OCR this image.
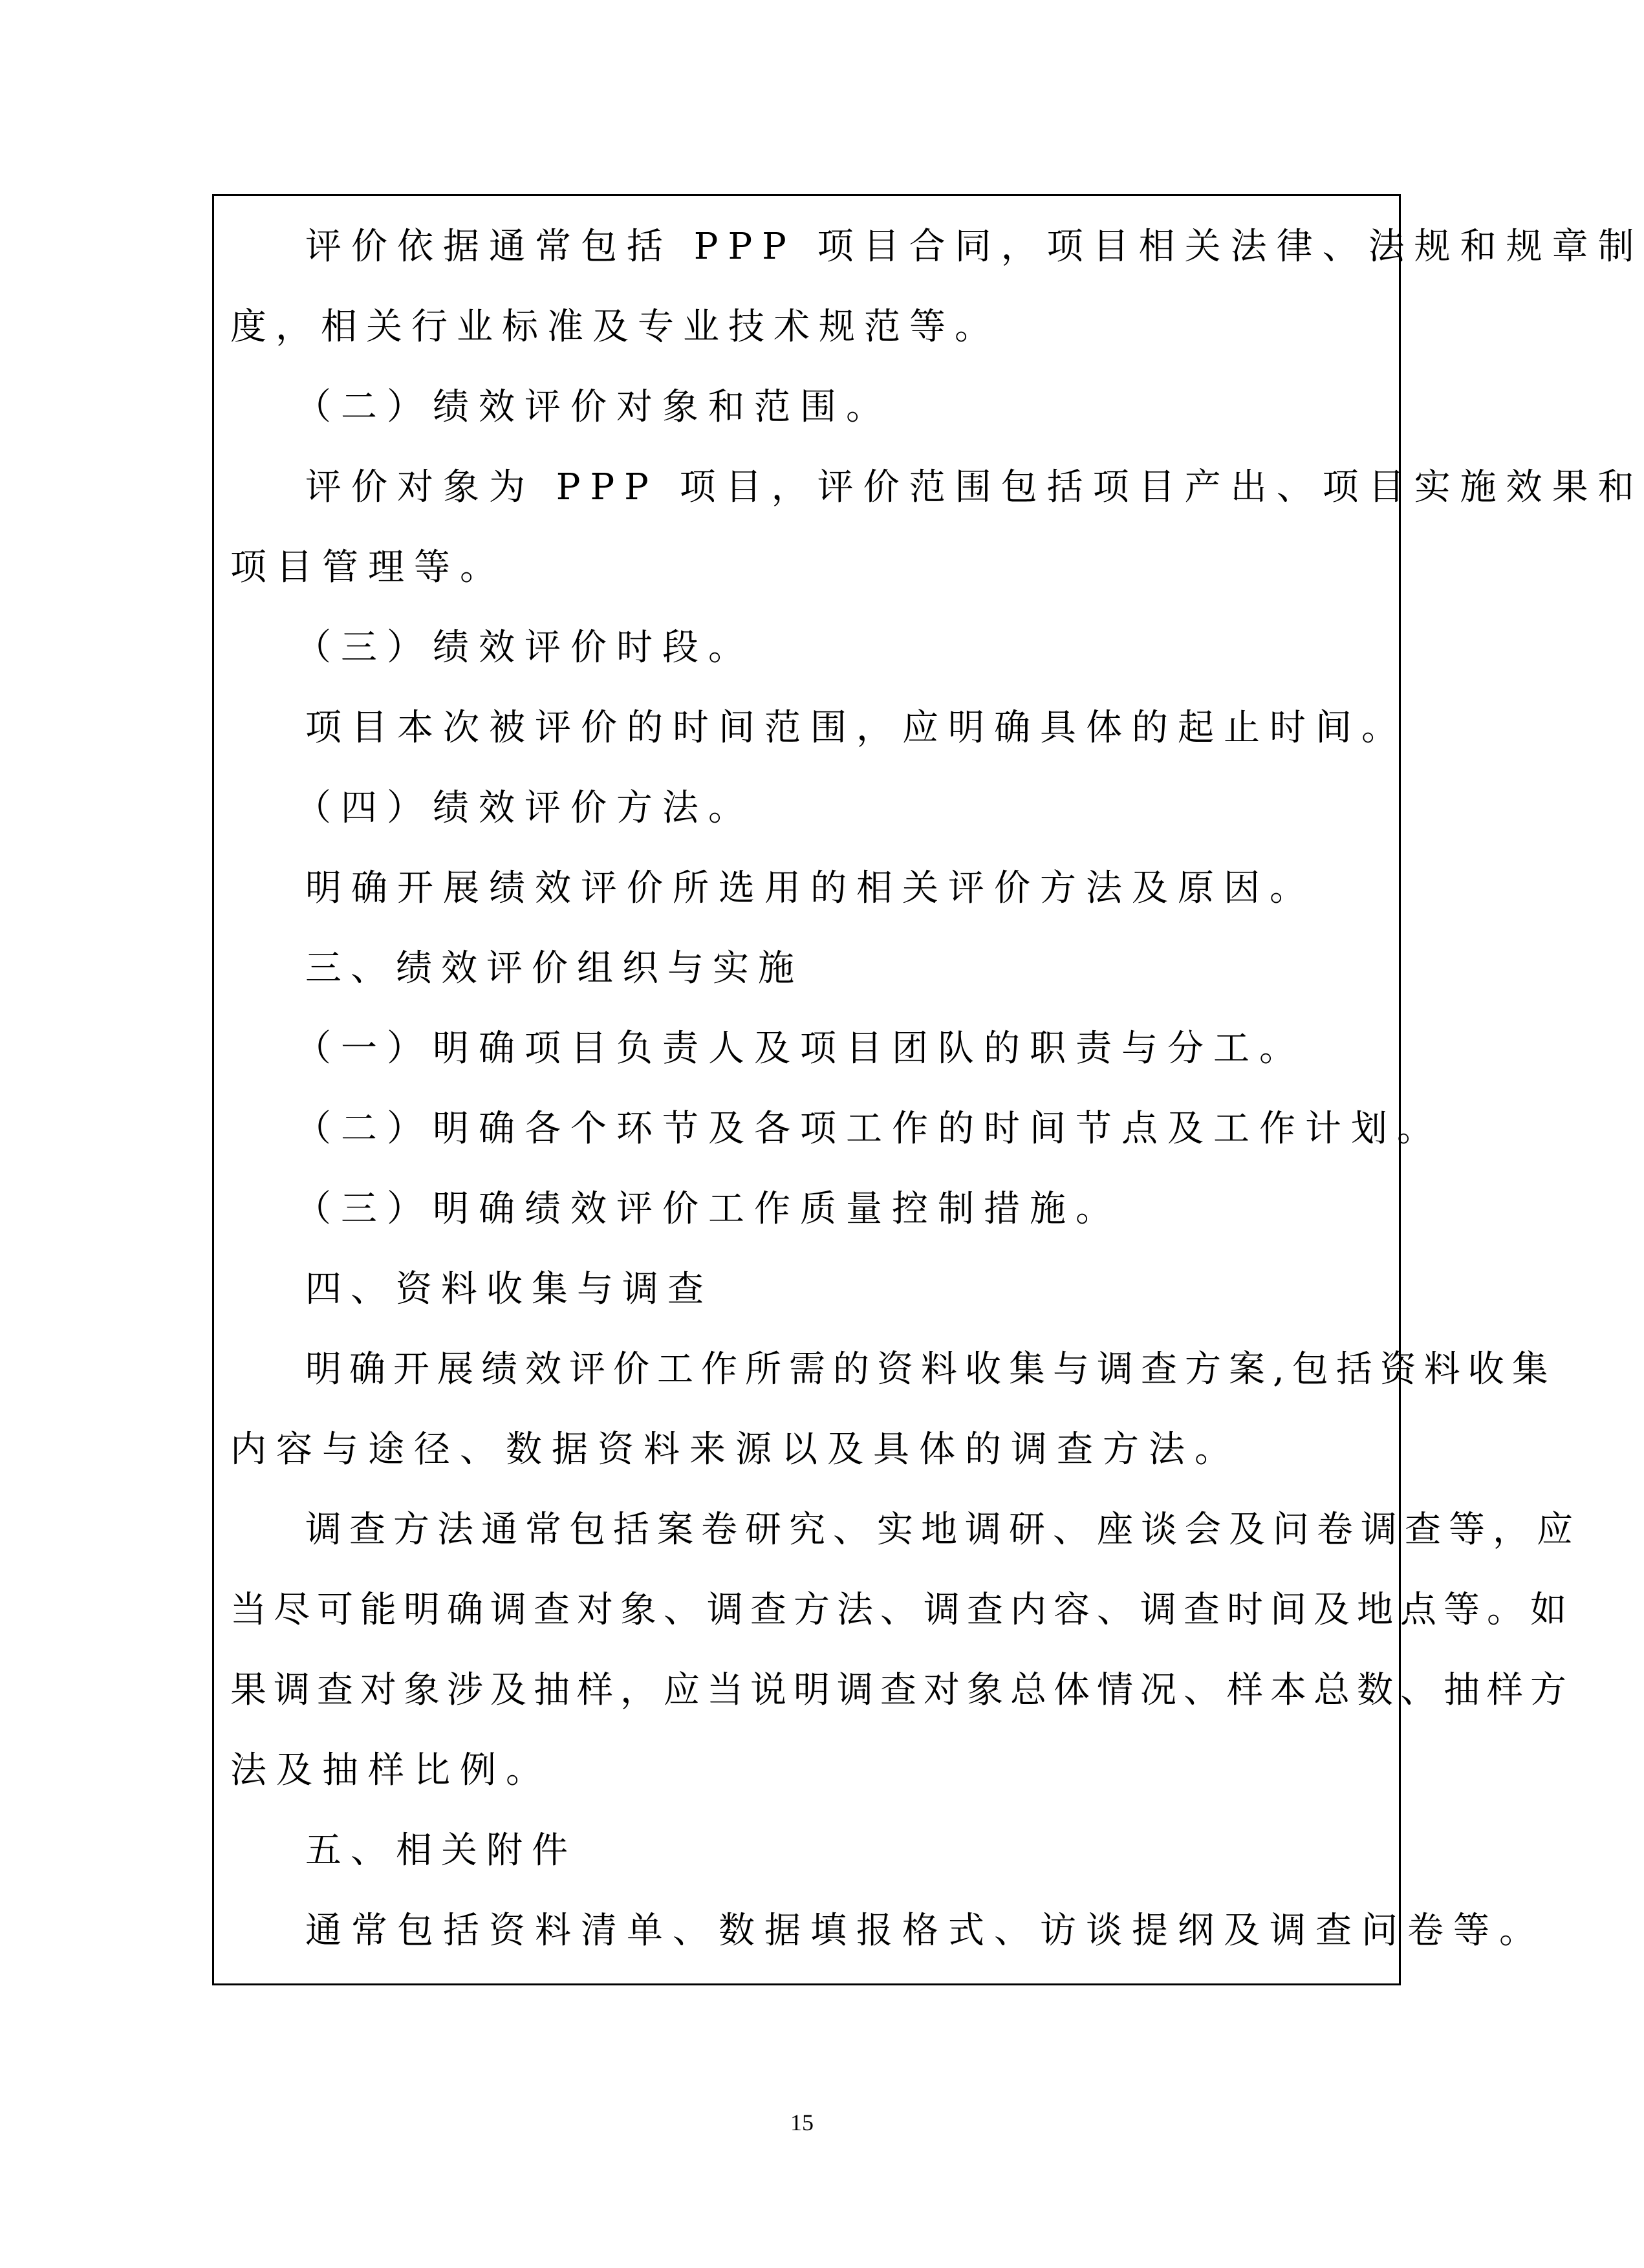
评价依据通常包括 PPP 项目合同，项目相关法律、法规和规章制
度，相关行业标准及专业技术规范等。
（二）绩效评价对象和范围。
评价对象为 PPP 项目，评价范围包括项目产出、项目实施效果和
项目管理等。
（三）绩效评价时段。
项目本次被评价的时间范围，应明确具体的起止时间。
（四）绩效评价方法。
明确开展绩效评价所选用的相关评价方法及原因。
三、绩效评价组织与实施
（一）明确项目负责人及项目团队的职责与分工。
（二）明确各个环节及各项工作的时间节点及工作计划。
（三）明确绩效评价工作质量控制措施。
四、资料收集与调查
明确开展绩效评价工作所需的资料收集与调查方案,包括资料收集
内容与途径、数据资料来源以及具体的调查方法。
调查方法通常包括案卷研究、实地调研、座谈会及问卷调查等，应
当尽可能明确调查对象、调查方法、调查内容、调查时间及地点等。如
果调查对象涉及抽样，应当说明调查对象总体情况、样本总数、抽样方
法及抽样比例。
五、相关附件
通常包括资料清单、数据填报格式、访谈提纲及调查问卷等。
15
